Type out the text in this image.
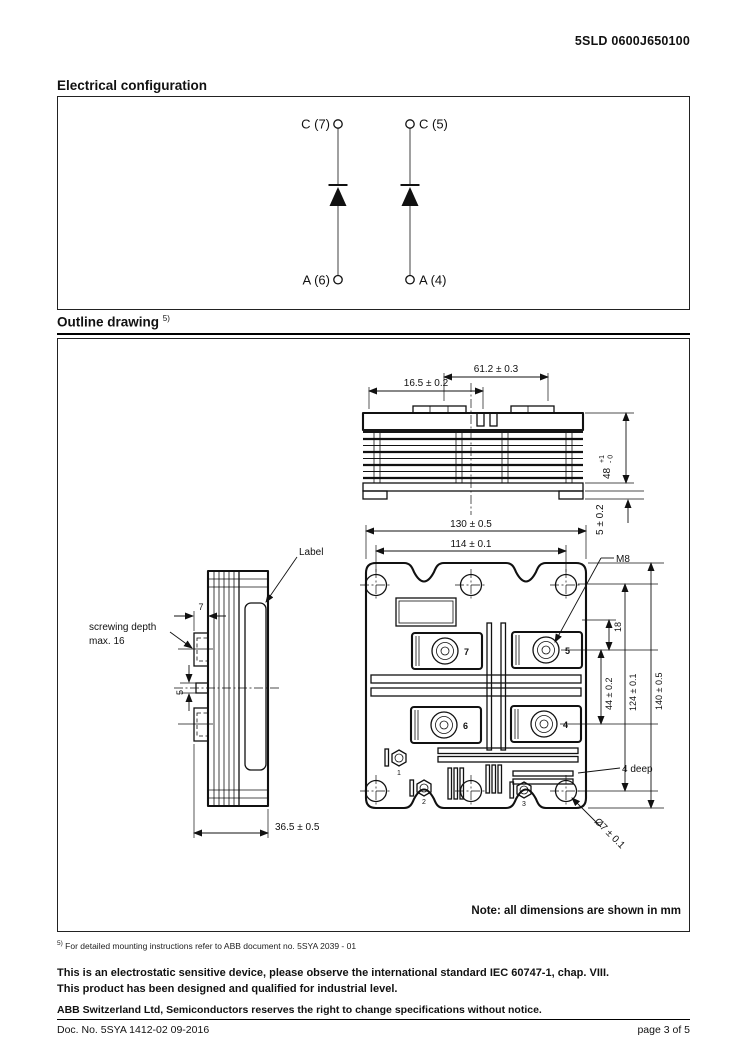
5SLD 0600J650100
Electrical configuration
C (7)
A (6)
C (5)
A (4)
Outline drawing $^{5)}$
61.2 ± 0.3
16.5 ± 0.2
48
+1 - 0
5 ± 0.2
7	5
6	4
1
2	3
130 ± 0.5
114 ± 0.1
M8
18
44 ± 0.2 124 ± 0.1 140 ± 0.5
4 deep
Ø7 ± 0.1
Label
7
screwing depth
max. 16
5
36.5 ± 0.5
Note: all dimensions are shown in mm
$^{5)}$ For detailed mounting instructions refer to ABB document no. 5SYA 2039 - 01
This is an electrostatic sensitive device, please observe the international standard IEC 60747-1, chap. VIII.
This product has been designed and qualified for industrial level.
ABB Switzerland Ltd, Semiconductors reserves the right to change specifications without notice.
Doc. No. 5SYA 1412-02 09-2016	page 3 of 5
